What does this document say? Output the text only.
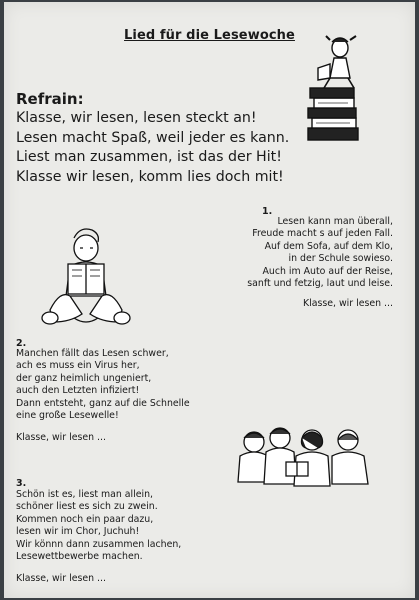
Lied für die Lesewoche
Refrain:
Klasse, wir lesen, lesen steckt an!
Lesen macht Spaß, weil jeder es kann.
Liest man zusammen, ist das der Hit!
Klasse wir lesen, komm lies doch mit!
1.
Lesen kann man überall,
Freude macht s auf jeden Fall.
Auf dem Sofa, auf dem Klo,
in der Schule sowieso.
Auch im Auto auf der Reise,
sanft und fetzig, laut und leise.
Klasse, wir lesen ...
2.
Manchen fällt das Lesen schwer,
ach es muss ein Virus her,
der ganz heimlich ungeniert,
auch den Letzten infiziert!
Dann entsteht, ganz auf die Schnelle
eine große Lesewelle!
Klasse, wir lesen ...
3.
Schön ist es, liest man allein,
schöner liest es sich zu zwein.
Kommen noch ein paar dazu,
lesen wir im Chor, Juchuh!
Wir könnn dann zusammen lachen,
Lesewettbewerbe machen.
Klasse, wir lesen ...
